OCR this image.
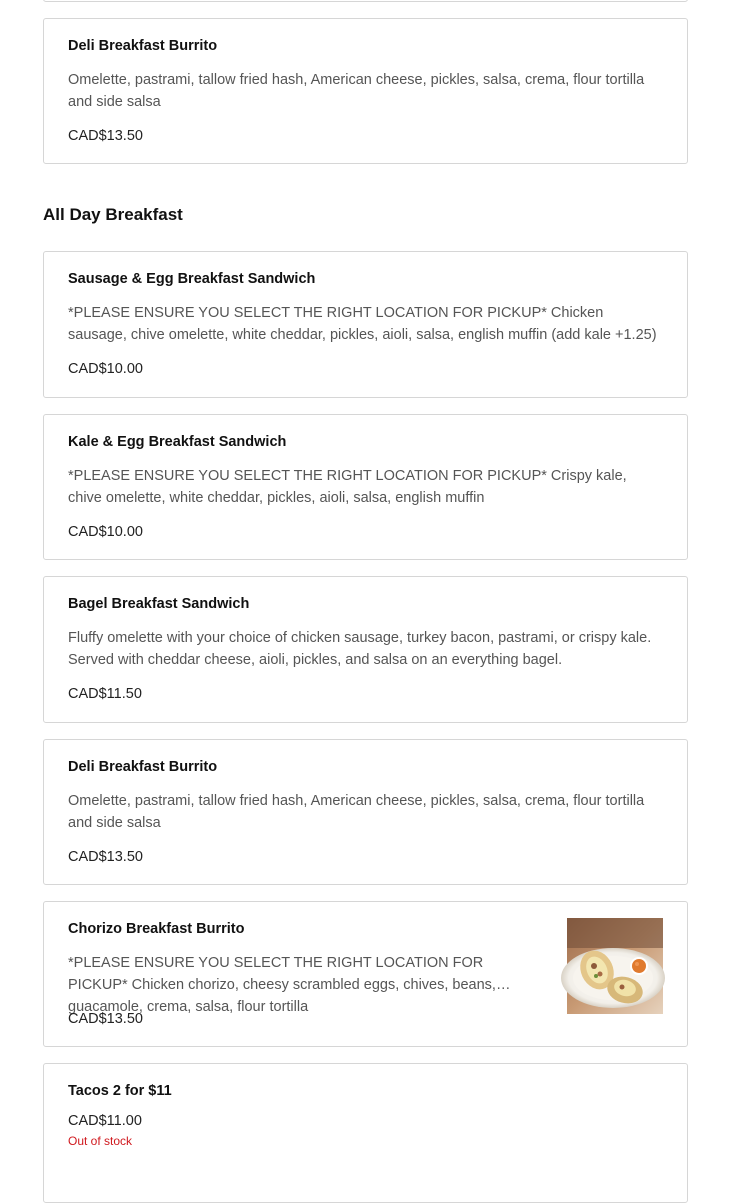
Deli Breakfast Burrito
Omelette, pastrami, tallow fried hash, American cheese, pickles, salsa, crema, flour tortilla and side salsa
CAD$13.50
All Day Breakfast
Sausage & Egg Breakfast Sandwich
*PLEASE ENSURE YOU SELECT THE RIGHT LOCATION FOR PICKUP* Chicken sausage, chive omelette, white cheddar, pickles, aioli, salsa, english muffin (add kale +1.25)
CAD$10.00
Kale & Egg Breakfast Sandwich
*PLEASE ENSURE YOU SELECT THE RIGHT LOCATION FOR PICKUP* Crispy kale, chive omelette, white cheddar, pickles, aioli, salsa, english muffin
CAD$10.00
Bagel Breakfast Sandwich
Fluffy omelette with your choice of chicken sausage, turkey bacon, pastrami, or crispy kale. Served with cheddar cheese, aioli, pickles, and salsa on an everything bagel.
CAD$11.50
Deli Breakfast Burrito
Omelette, pastrami, tallow fried hash, American cheese, pickles, salsa, crema, flour tortilla and side salsa
CAD$13.50
Chorizo Breakfast Burrito
*PLEASE ENSURE YOU SELECT THE RIGHT LOCATION FOR PICKUP* Chicken chorizo, cheesy scrambled eggs, chives, beans, guacamole, crema, salsa, flour tortilla
CAD$13.50
Tacos 2 for $11
CAD$11.00
Out of stock
